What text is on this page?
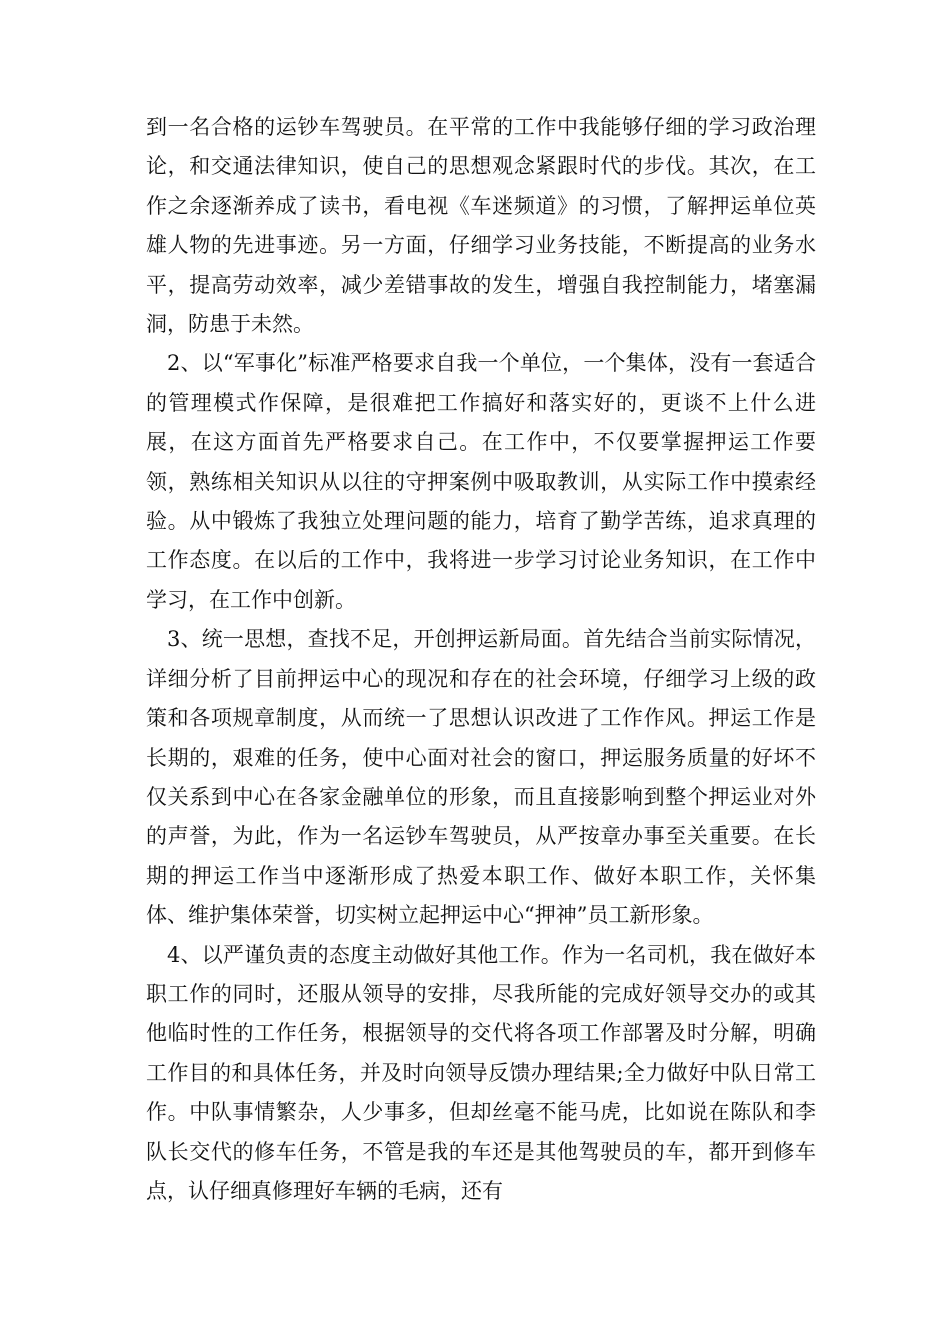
到一名合格的运钞车驾驶员。在平常的工作中我能够仔细的学习政治理论，和交通法律知识，使自己的思想观念紧跟时代的步伐。其次，在工作之余逐渐养成了读书，看电视《车迷频道》的习惯，了解押运单位英雄人物的先进事迹。另一方面，仔细学习业务技能，不断提高的业务水平，提高劳动效率，减少差错事故的发生，增强自我控制能力，堵塞漏洞，防患于未然。

2、以“军事化”标准严格要求自我一个单位，一个集体，没有一套适合的管理模式作保障，是很难把工作搞好和落实好的，更谈不上什么进展，在这方面首先严格要求自己。在工作中，不仅要掌握押运工作要领，熟练相关知识从以往的守押案例中吸取教训，从实际工作中摸索经验。从中锻炼了我独立处理问题的能力，培育了勤学苦练，追求真理的工作态度。在以后的工作中，我将进一步学习讨论业务知识，在工作中学习，在工作中创新。

3、统一思想，查找不足，开创押运新局面。首先结合当前实际情况，详细分析了目前押运中心的现况和存在的社会环境，仔细学习上级的政策和各项规章制度，从而统一了思想认识改进了工作作风。押运工作是长期的，艰难的任务，使中心面对社会的窗口，押运服务质量的好坏不仅关系到中心在各家金融单位的形象，而且直接影响到整个押运业对外的声誉，为此，作为一名运钞车驾驶员，从严按章办事至关重要。在长期的押运工作当中逐渐形成了热爱本职工作、做好本职工作，关怀集体、维护集体荣誉，切实树立起押运中心“押神”员工新形象。

4、以严谨负责的态度主动做好其他工作。作为一名司机，我在做好本职工作的同时，还服从领导的安排，尽我所能的完成好领导交办的或其他临时性的工作任务，根据领导的交代将各项工作部署及时分解，明确工作目的和具体任务，并及时向领导反馈办理结果;全力做好中队日常工作。中队事情繁杂，人少事多，但却丝毫不能马虎，比如说在陈队和李队长交代的修车任务，不管是我的车还是其他驾驶员的车，都开到修车点，认仔细真修理好车辆的毛病，还有
